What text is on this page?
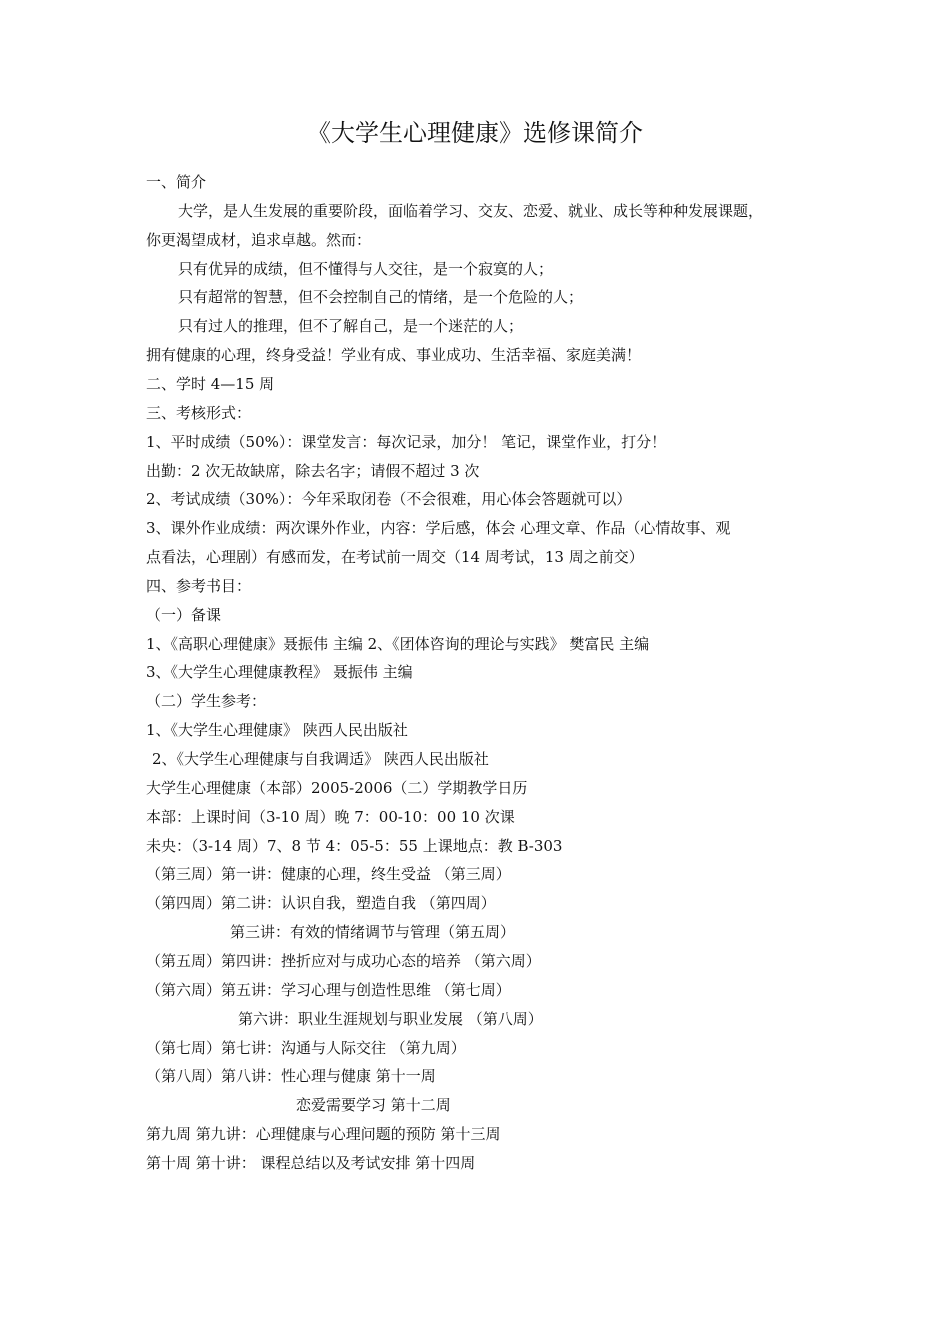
《大学生心理健康》选修课简介
一、简介
大学，是人生发展的重要阶段，面临着学习、交友、恋爱、就业、成长等种种发展课题，
你更渴望成材，追求卓越。然而：
只有优异的成绩，但不懂得与人交往，是一个寂寞的人；
只有超常的智慧，但不会控制自己的情绪，是一个危险的人；
只有过人的推理，但不了解自己，是一个迷茫的人；
拥有健康的心理，终身受益！学业有成、事业成功、生活幸福、家庭美满！
二、学时 4—15 周
三、考核形式：
1、平时成绩（50%）：课堂发言：每次记录，加分！ 笔记，课堂作业，打分！
出勤：2 次无故缺席，除去名字；请假不超过 3 次
2、考试成绩（30%）：今年采取闭卷（不会很难，用心体会答题就可以）
3、课外作业成绩：两次课外作业，内容：学后感，体会 心理文章、作品（心情故事、观
点看法，心理剧）有感而发，在考试前一周交（14 周考试，13 周之前交）
四、参考书目：
（一）备课
1、《高职心理健康》聂振伟 主编 2、《团体咨询的理论与实践》 樊富民 主编
3、《大学生心理健康教程》 聂振伟 主编
（二）学生参考：
1、《大学生心理健康》 陕西人民出版社
2、《大学生心理健康与自我调适》 陕西人民出版社
大学生心理健康（本部）2005-2006（二）学期教学日历
本部：上课时间（3-10 周）晚 7：00-10：00 10 次课
未央：（3-14 周）7、8 节 4：05-5：55 上课地点：教 B-303
（第三周）第一讲：健康的心理，终生受益 （第三周）
（第四周）第二讲：认识自我，塑造自我 （第四周）
第三讲：有效的情绪调节与管理（第五周）
（第五周）第四讲：挫折应对与成功心态的培养 （第六周）
（第六周）第五讲：学习心理与创造性思维 （第七周）
第六讲：职业生涯规划与职业发展 （第八周）
（第七周）第七讲：沟通与人际交往 （第九周）
（第八周）第八讲：性心理与健康 第十一周
恋爱需要学习 第十二周
第九周 第九讲：心理健康与心理问题的预防 第十三周
第十周 第十讲： 课程总结以及考试安排 第十四周
